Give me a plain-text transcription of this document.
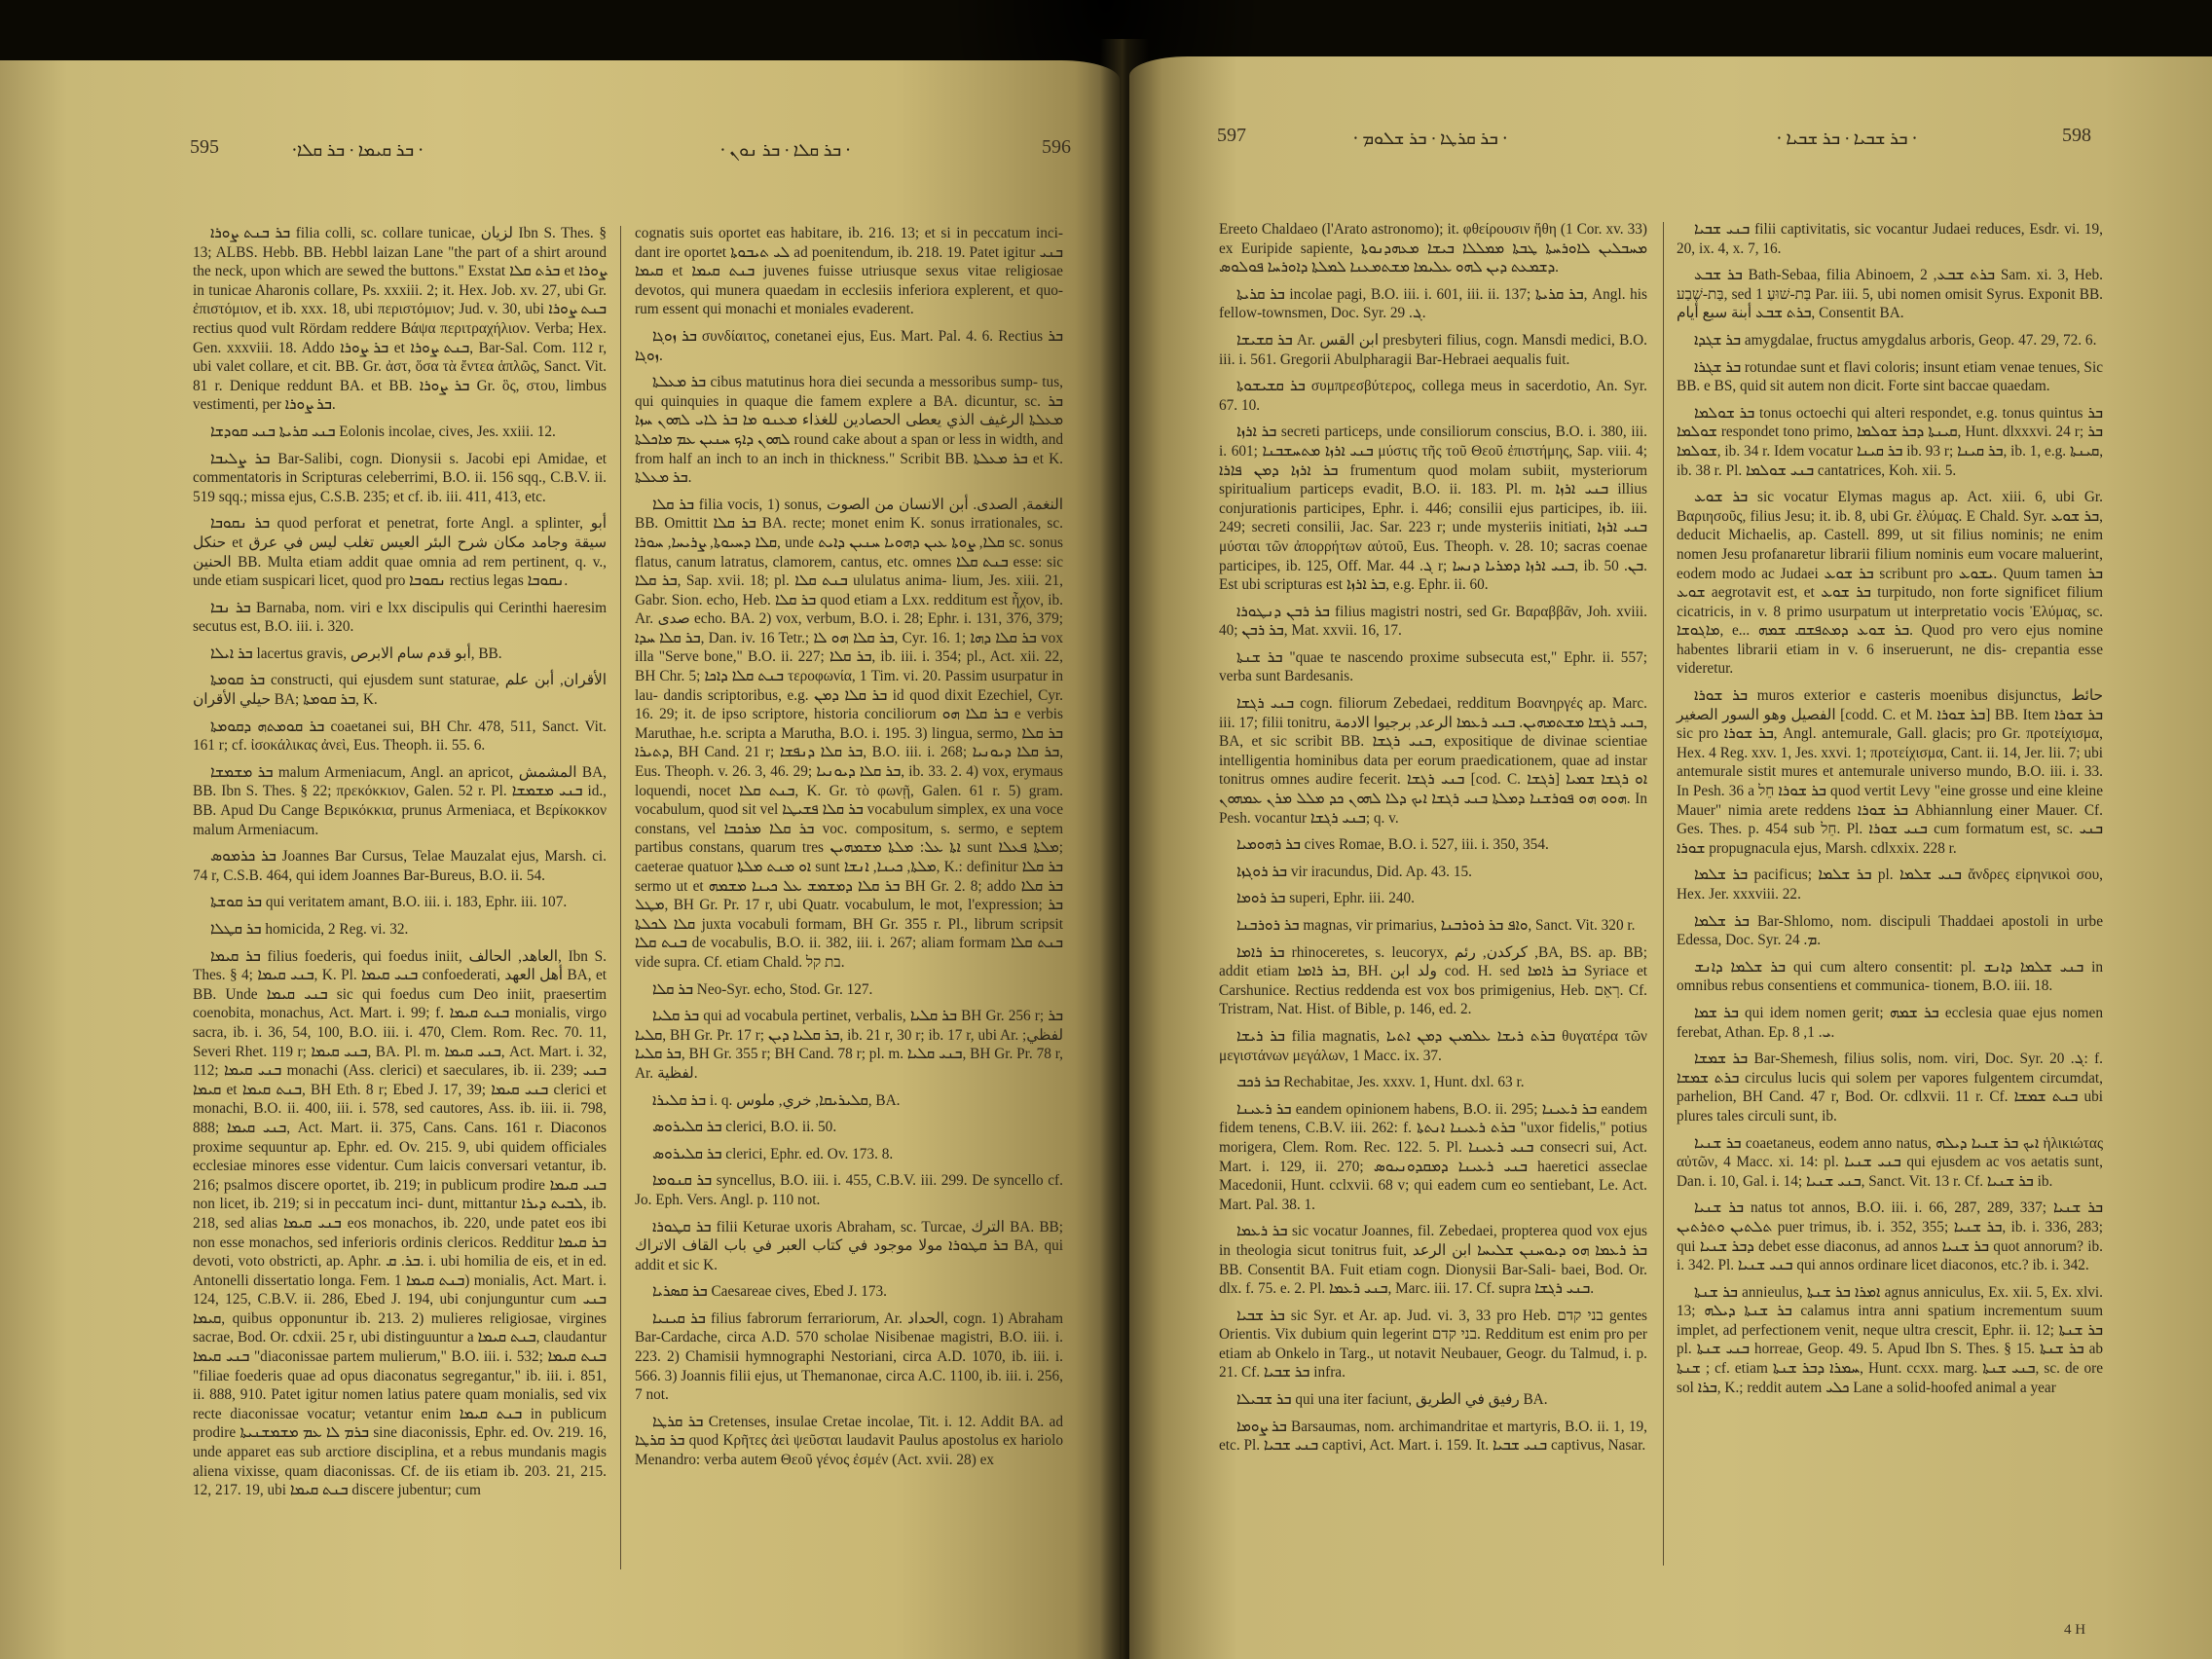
595	⸱ܒܪ ܩܝܡܐ ⸱ ܒܪ ܩܠܐ ⸱	⸱ ܒܪ ܩܠܐ ⸱ ܒܪ ܢܘܢ ⸱	596

ܒܪ ܒܢܬ ܨܘܪܐ filia colli, sc. collare tunicae, لزيان Ibn S. Thes. § 13; ALBS. Hebb. BB. Hebbl laizan Lane "the part of a shirt around the neck, upon which are sewed the buttons." Exstat ܒܪܬ ܩܠܐ et ܨܘܪܐ in tunicae Aharonis collare, Ps. xxxiii. 2; it. Hex. Job. xv. 27, ubi Gr. ἐπιστόμιον, et ib. xxx. 18, ubi περιστόμιον; Jud. v. 30, ubi ܒܢܬ ܨܘܪܐ rectius quod vult Rördam reddere Βάψα περιτραχήλιον. Verba; Hex. Gen. xxxviii. 18. Addo ܒܪ ܨܘܪܐ et ܒܢܬ ܨܘܪܐ, Bar-Sal. Com. 112 r, ubi valet collare, et cit. BB. Gr. ἀστ, ὅσα τὰ ἔντεα ἁπλῶς, Sanct. Vit. 81 r. Denique reddunt BA. et BB. ܒܪ ܨܘܪܐ Gr. ὃς, στου, limbus vestimenti, per ܒܪ ܨܘܪܐ.

ܒܢܝ ܩܪܝܬܐ ܒܢܝ ܩܘܕܫܐ Eolonis incolae, cives, Jes. xxiii. 12.

ܒܪ ܨܠܝܒܐ Bar-Salibi, cogn. Dionysii s. Jacobi epi Amidae, et commentatoris in Scripturas celeberrimi, B.O. ii. 156 sqq., C.B.V. ii. 519 sqq.; missa ejus, C.S.B. 235; et cf. ib. iii. 411, 413, etc.

ܒܪ ܢܩܘܒܐ quod perforat et penetrat, forte Angl. a splinter, أبو حنكل et سيقة وجامد مكان شرح البئر العيس تغلب ليس في عرق الحنين BB. Multa etiam addit quae omnia ad rem pertinent, q. v., unde etiam suspicari licet, quod pro ܢܩܘܒܐ rectius legas ܢܩܘܒܐ.

ܒܪ ܢܒܐ Barnaba, nom. viri e lxx discipulis qui Cerinthi haeresim secutus est, B.O. iii. i. 320.

ܒܪ ܐܝܠܐ lacertus gravis, أبو قدم سام الابرص, BB.

ܒܪ ܩܘܡܬܐ constructi, qui ejusdem sunt staturae, الأقران, أبن علم حيلي الأقران BA; ܒܪ ܩܘܡܬܐ, K.

ܒܪ ܩܘܡܬܗ ܕܩܘܡܬܐ coaetanei sui, BH Chr. 478, 511, Sanct. Vit. 161 r; cf. ἰσοκάλικας ἀνεὶ, Eus. Theoph. ii. 55. 6.

ܒܪ ܡܫܡܫܐ malum Armeniacum, Angl. an apricot, المشمش BA, BB. Ibn S. Thes. § 22; πρεκόκκιον, Galen. 52 r. Pl. ܒܢܝ ܡܫܡܫܐ id., BB. Apud Du Cange Βερικόκκια, prunus Armeniaca, et Βερίκοκκον malum Armeniacum.

ܒܪ ܟܪܡܘܣ Joannes Bar Cursus, Telae Mauzalat ejus, Marsh. ci. 74 r, C.S.B. 464, qui idem Joannes Bar-Bureus, B.O. ii. 54.

ܒܪ ܩܘܫܬܐ qui veritatem amant, B.O. iii. i. 183, Ephr. iii. 107.

ܒܪ ܩܛܠܐ homicida, 2 Reg. vi. 32.

ܒܪ ܩܝܡܐ filius foederis, qui foedus iniit, العاهد, الحالف, Ibn S. Thes. § 4; ܒܢܝ ܩܝܡܐ, K. Pl. ܒܢܝ ܩܝܡܐ confoederati, أهل العهد BA, et BB. Unde ܒܢܝ ܩܝܡܐ sic qui foedus cum Deo iniit, praesertim coenobita, monachus, Act. Mart. i. 99; f. ܒܢܬ ܩܝܡܐ monialis, virgo sacra, ib. i. 36, 54, 100, B.O. iii. i. 470, Clem. Rom. Rec. 70. 11, Severi Rhet. 119 r; ܒܢܝ ܩܝܡܐ, BA. Pl. m. ܒܢܝ ܩܝܡܐ, Act. Mart. i. 32, 112; ܒܢܝ ܩܝܡܐ monachi (Ass. clerici) et saeculares, ib. ii. 239; ܒܢܝ ܩܝܡܐ et ܒܢܬ ܩܝܡܐ, BH Eth. 8 r; Ebed J. 17, 39; ܒܢܝ ܩܝܡܐ clerici et monachi, B.O. ii. 400, iii. i. 578, sed cautores, Ass. ib. iii. ii. 798, 888; ܒܢܝ ܩܝܡܐ, Act. Mart. ii. 375, Cans. Cans. 161 r. Diaconos proxime sequuntur ap. Ephr. ed. Ov. 215. 9, ubi quidem officiales ecclesiae minores esse videntur. Cum laicis conversari vetantur, ib. 216; psalmos discere oportet, ib. 219; in publicum prodire ܒܢܝ ܩܝܡܐ non licet, ib. 219; si in peccatum inci- dunt, mittantur ܠܒܝܬ ܕܝܪܐ, ib. 218, sed alias ܒܢܝ ܩܝܡܐ eos monachos, ib. 220, unde patet eos ibi non esse monachos, sed inferioris ordinis clericos. Redditur ܒܪ ܩܝܡܐ devoti, voto obstricti, ap. Aphr. ܒܪ. ܩ. i. ubi homilia de eis, et in ed. Antonelli dissertatio longa. Fem. ܒܢܬ ܩܝܡܐ 1) monialis, Act. Mart. i. 124, 125, C.B.V. ii. 286, Ebed J. 194, ubi conjunguntur cum ܒܢܝ ܩܝܡܐ, quibus opponuntur ib. 213. 2) mulieres religiosae, virgines sacrae, Bod. Or. cdxii. 25 r, ubi distinguuntur a ܒܢܬ ܩܝܡܐ, claudantur ܒܢܝ ܩܝܡܐ "diaconissae partem mulierum," B.O. iii. i. 532; ܒܢܬ ܩܝܡܐ "filiae foederis quae ad opus diaconatus segregantur," ib. iii. i. 851, ii. 888, 910. Patet igitur nomen latius patere quam monialis, sed vix recte diaconissae vocatur; vetantur enim ܒܢܬ ܩܝܡܐ in publicum prodire ܒܪܡ ܠܐ ܥܡ ܡܫܡܫܢܝܬܐ sine diaconissis, Ephr. ed. Ov. 219. 16, unde apparet eas sub arctiore disciplina, et a rebus mundanis magis aliena vixisse, quam diaconissas. Cf. de iis etiam ib. 203. 21, 215. 12, 217. 19, ubi ܒܢܬ ܩܝܡܐ discere jubentur; cum

cognatis suis oportet eas habitare, ib. 216. 13; et si in peccatum inci- dant ire oportet ܠܝ ܬܝܒܘܬܐ ad poenitendum, ib. 218. 19. Patet igitur ܒܢܝ ܩܝܡܐ et ܒܢܬ ܩܝܡܐ juvenes fuisse utriusque sexus vitae religiosae devotos, qui munera quaedam in ecclesiis inferiora explerent, et quo- rum essent qui monachi et moniales evaderent.

ܒܪ ܙܘܓܐ συνδίαιτος, conetanei ejus, Eus. Mart. Pal. 4. 6. Rectius ܒܪ ܙܘܓܐ.

ܒܪ ܡܥܠܬܐ cibus matutinus hora diei secunda a messoribus sump- tus, qui quinquies in quaque die famem explere a BA. dicuntur, sc. ܒܪ ܡܥܠܬܐ الرغيف الذي يعطى الحصادين للغذاء ܡܥܢܘ ܡܐ ܒܪ ܠܐܝ ܠܗܘܢ ܚܙܐ ܠܗܘܢ ܕܐܟ ܚܢܝܢ ܥܡ ܡܐܟܠܬܐ round cake about a span or less in width, and from half an inch to an inch in thickness." Scribit BB. ܒܪ ܡܥܠܬܐ et K. ܒܪ ܡܥܠܬܐ.

ܒܪ ܩܠܐ filia vocis, 1) sonus, النغمة, الصدى. أبن الانسان من الصوت BB. Omittit ܒܪ ܩܠܐ BA. recte; monet enim K. sonus irrationales, sc. ܩܠܐ ܕܚܝܘܬܐ, ܨܪܝܚܐ, ܚܘܪܐ, unde ܩܠܐ, ܨܘܬܐ ܥܝܢ ܕܗܘܝܐ ܚܢܝܢ ܕܐܝܬ sc. sonus flatus, canum latratus, clamorem, cantus, etc. omnes ܒܢܬ ܩܠܐ esse: sic ܒܪ ܩܠܐ, Sap. xvii. 18; pl. ܒܢܬ ܩܠܐ ululatus anima- lium, Jes. xiii. 21, Gabr. Sion. echo, Heb. ܒܪ ܩܠܐ quod etiam a Lxx. redditum est ἦχον, ib. Ar. صدى echo. BA. 2) vox, verbum, B.O. i. 28; Ephr. i. 131, 376, 379; ܒܪ ܩܠܐ ܚܕܐ, Dan. iv. 16 Tetr.; ܒܪ ܩܠܐ ܗܘ ܠܐ, Cyr. 16. 1; ܒܪ ܩܠܐ ܕܗܐ vox illa "Serve bone," B.O. ii. 227; ܒܪ ܩܠܐ, ib. iii. i. 354; pl., Act. xii. 22, BH Chr. 5; ܒܢܬ ܩܠܐ ܕܐܟܐ τεροφωνία, 1 Tim. vi. 20. Passim usurpatur in lau- dandis scriptoribus, e.g. ܒܪ ܩܠܐ ܕܡܢ id quod dixit Ezechiel, Cyr. 16. 29; it. de ipso scriptore, historia conciliorum ܒܪ ܩܠܐ ܗܘ e verbis Maruthae, h.e. scripta a Marutha, B.O. i. 195. 3) lingua, sermo, ܒܪ ܩܠܐ ܕܬܝܪܐ, BH Cand. 21 r; ܒܪ ܩܠܐ ܕܢܦܫܐ, B.O. iii. i. 268; ܒܪ ܩܠܐ ܕܝܘܢܝܐ, Eus. Theoph. v. 26. 3, 46. 29; ܒܪ ܩܠܐ ܕܝܘܢܝܐ, ib. 33. 2. 4) vox, erymaus loquendi, nocet ܒܢܬ ܩܠܐ, K. Gr. τὸ φωνῇ, Galen. 61 r. 5) gram. vocabulum, quod sit vel ܒܪ ܩܠܐ ܦܫܝܛܐ vocabulum simplex, ex una voce constans, vel ܒܪ ܩܠܐ ܡܪܟܒܐ voc. compositum, s. sermo, e septem partibus constans, quarum tres ܐܬܐ ܥܠ: ܡܠܬܐ ܡܫܡܗܝܢ sunt ܡܠܬܐ ܦܥܠܐ; caeterae quatuor ܐܘ ܡܢܬ ܡܠܬܐ sunt ܡܠܬܐ, ܟܝܢܐ, ܐܢܫܐ, K.: definitur ܒܪ ܩܠܐ sermo ut et ܒܪ ܩܠܐ ܕܡܫܡܫ ܥܠ ܟܝܢܐ ܡܫܡܗ BH Gr. 2. 8; addo ܒܪ ܩܠܐ ܡܛܠ, BH Gr. Pr. 17 r, ubi Quatr. vocabulum, le mot, l'expression; ܒܪ ܩܠܐ ܠܟܠܬܐ juxta vocabuli formam, BH Gr. 355 r. Pl., librum scripsit ܒܢܬ ܩܠܐ de vocabulis, B.O. ii. 382, iii. i. 267; aliam formam ܒܢܬ ܩܠܐ vide supra. Cf. etiam Chald. בת קל.

ܒܪ ܩܠܐ Neo-Syr. echo, Stod. Gr. 127.

ܒܪ ܩܠܝܐ qui ad vocabula pertinet, verbalis, ܒܪ ܩܠܝܐ BH Gr. 256 r; ܒܪ ܩܠܝܐ, BH Gr. Pr. 17 r; ܒܪ ܩܠܝܐ ܕܝܢ, ib. 21 r, 30 r; ib. 17 r, ubi Ar. لفظي; ܒܪ ܩܠܝܐ, BH Gr. 355 r; BH Cand. 78 r; pl. m. ܒܢܝ ܩܠܝܐ, BH Gr. Pr. 78 r, Ar. لفظية.

ܒܪ ܩܠܝܪܐ i. q. ܩܠܝܪܝܩܐ, خري, ملوس, BA.

ܒܪ ܩܠܝܪܘܣ clerici, B.O. ii. 50.

ܒܪ ܩܠܝܪܘܣ clerici, Ephr. ed. Ov. 173. 8.

ܒܪ ܩܢܘܡܐ syncellus, B.O. iii. i. 455, C.B.V. iii. 299. De syncello cf. Jo. Eph. Vers. Angl. p. 110 not.

ܒܪ ܩܛܘܪܐ filii Keturae uxoris Abraham, sc. Turcae, الترك BA. BB; ܒܪ ܩܛܘܪܐ مولا موجود في كتاب العبر في باب القاف الاتراك BA, qui addit et sic K.

ܒܪ ܩܣܪܝܐ Caesareae cives, Ebed J. 173.

ܒܪ ܩܝܢܝܐ filius fabrorum ferrariorum, Ar. الحداد, cogn. 1) Abraham Bar-Cardache, circa A.D. 570 scholae Nisibenae magistri, B.O. iii. i. 223. 2) Chamisii hymnographi Nestoriani, circa A.D. 1070, ib. iii. i. 566. 3) Joannis filii ejus, ut Themanonae, circa A.C. 1100, ib. iii. i. 256, 7 not.

ܒܪ ܩܪܛܐ Cretenses, insulae Cretae incolae, Tit. i. 12. Addit BA. ad ܒܪ ܩܪܛܐ quod Κρῆτες ἀεὶ ψεῦσται laudavit Paulus apostolus ex hariolo Menandro: verba autem Θεοῦ γένος ἐσμέν (Act. xvii. 28) ex

597	⸱ ܒܪ ܩܪܛܐ ⸱ ܒܪ ܫܠܘܡ ⸱	⸱ ܒܪ ܫܒܝܐ ⸱ ܒܪ ܫܒܝܐ ⸱	598

Ereeto Chaldaeo (l'Arato astronomo); it. φθείρουσιν ἤθη (1 Cor. xv. 33) ex Euripide sapiente, ܡܚܒܠܝܢ ܠܐܘܪܚܬܐ ܛܒܬܐ ܡܡܠܠܐ ܒܝܫܐ ܡܥܗܕܢܘܬܐ ܕܫܡܥܬ ܕܝܢ ܠܗܘ ܥܠܝܡܐ ܡܫܬܡܥܢܐ ܠܡܠܬܐ ܕܐܘܪܚܐ ܦܘܠܘܣ.

ܒܪ ܩܪܝܬܐ incolae pagi, B.O. iii. i. 601, iii. ii. 137; ܒܪ ܩܪܝܬܐ, Angl. his fellow-townsmen, Doc. Syr. ܓ. 29.

ܒܪ ܩܫܝܫܐ Ar. ابن القس presbyteri filius, cogn. Mansdi medici, B.O. iii. i. 561. Gregorii Abulpharagii Bar-Hebraei aequalis fuit.

ܒܪ ܩܫܝܫܘܬܐ συμπρεσβύτερος, collega meus in sacerdotio, An. Syr. 67. 10.

ܒܪ ܐܪܙܐ secreti particeps, unde consiliorum conscius, B.O. i. 380, iii. i. 601; ܒܢܝ ܐܪܙܐ ܡܬܚܫܒܢܐ μύστις τῆς τοῦ Θεοῦ ἐπιστήμης, Sap. viii. 4; ܒܪ ܐܪܙܐ ܕܡܢ ܦܐܪܐ frumentum quod molam subiit, mysteriorum spiritualium particeps evadit, B.O. ii. 183. Pl. m. ܒܢܝ ܐܪܙܐ illius conjurationis participes, Ephr. i. 446; consilii ejus participes, ib. iii. 249; secreti consilii, Jac. Sar. 223 r; unde mysteriis initiati, ܒܢܝ ܐܪܙܐ μύσται τῶν ἀπορρήτων αὐτοῦ, Eus. Theoph. v. 28. 10; sacras coenae participes, ib. 125, Off. Mar. ܓ. 44 r; ܒܢܝ ܐܪܙܐ ܕܡܪܝܐ ܕܢܚܐ, ib. ܒܢ. 50. Est ubi scripturas est ܒܪ ܐܪܙܐ, e.g. Ephr. ii. 60.

ܒܪ ܪܒܢ ܕܢܛܘܪܐ filius magistri nostri, sed Gr. Βαραββᾶν, Joh. xviii. 40; ܒܪ ܪܒܢ, Mat. xxvii. 16, 17.

ܒܪ ܫܢܬܐ "quae te nascendo proxime subsecuta est," Ephr. ii. 557; verba sunt Bardesanis.

ܒܢܝ ܪܓܫܐ cogn. filiorum Zebedaei, redditum Βοανηργές ap. Marc. iii. 17; filii tonitru, ܒܢܝ ܪܓܫܐ ܡܫܬܡܗܝܢ. ܒܢܝ ܪܥܡܐ الرعد, برجيوا الادمة, BA, et sic scribit BB. ܒܢܝ ܪܓܫܐ, expositique de divinae scientiae intelligentia hominibus data per eorum praedicationem, quae ad instar tonitrus omnes audire fecerit. ܒܢܝ ܪܓܫܐ [cod. C. ܪܓܫܐ] ܐܘ ܪܓܫܐ ܫܡܝܐ ܗܘܘ ܗܘ ܦܘܪܫܢܐ ܕܡܠܬܐ ܒܢܝ ܪܓܫܐ ܐܝܟ ܕܠܐ ܠܗܘܢ ܟܕ ܡܠܠ ܡܪܢ ܥܡܗܘܢ. In Pesh. vocantur ܒܢܝ ܪܓܫܐ; q. v.

ܒܪ ܪܗܘܡܝܐ cives Romae, B.O. i. 527, iii. i. 350, 354.

ܒܪ ܪܘܓܙܐ vir iracundus, Did. Ap. 43. 15.

ܒܪ ܪܘܡܐ superi, Ephr. iii. 240.

ܒܪ ܪܘܪܒܢܐ magnas, vir primarius, ܘܐܦ ܒܪ ܪܘܪܒܢܐ, Sanct. Vit. 320 r.

ܒܪ ܪܐܡܐ rhinoceretes, s. leucoryx, كركدن, رئم ,BA, BS. ap. BB; addit etiam ܒܪ ܪܐܡܐ, BH. ولد ابن cod. H. sed ܒܪ ܪܐܡܐ Syriace et Carshunice. Rectius reddenda est vox bos primigenius, Heb. רְאֵם. Cf. Tristram, Nat. Hist. of Bible, p. 146, ed. 2.

ܒܪ ܪܝܫܐ filia magnatis, ܒܪܬ ܪܝܫܐ ܥܠܡܝܢ ܕܡܢ ܐܬܝܐ θυγατέρα τῶν μεγιστάνων μεγάλων, 1 Macc. ix. 37.

ܒܪ ܪܟܒ Rechabitae, Jes. xxxv. 1, Hunt. dxl. 63 r.

ܒܪ ܪܥܝܢܐ eandem opinionem habens, B.O. ii. 295; ܒܪ ܪܥܝܢܐ eandem fidem tenens, C.B.V. iii. 262: f. ܒܪܬ ܪܥܝܢܐ ܐܢܬܬܐ "uxor fidelis," potius morigera, Clem. Rom. Rec. 122. 5. Pl. ܒܢܝ ܪܥܝܢܐ consecri sui, Act. Mart. i. 129, ii. 270; ܒܢܝ ܪܥܝܢܐ ܕܡܩܕܘܢܝܘܣ haeretici asseclae Macedonii, Hunt. cclxvii. 68 v; qui eadem cum eo sentiebant, Le. Act. Mart. Pal. 38. 1.

ܒܪ ܪܥܡܐ sic vocatur Joannes, fil. Zebedaei, propterea quod vox ejus in theologia sicut tonitrus fuit, ܒܪ ܪܥܡܐ ܗܘ ܕܝܘܚܢܢ ܫܠܝܚܐ ابن الرعد BB. Consentit BA. Fuit etiam cogn. Dionysii Bar-Sali- baei, Bod. Or. dlx. f. 75. e. 2. Pl. ܒܢܝ ܪܥܡܐ, Marc. iii. 17. Cf. supra ܒܢܝ ܪܓܫܐ.

ܒܪ ܫܒܝܐ sic Syr. et Ar. ap. Jud. vi. 3, 33 pro Heb. בני קדם gentes Orientis. Vix dubium quin legerint בני קדם. Redditum est enim pro per etiam ab Onkelo in Targ., ut notavit Neubauer, Geogr. du Talmud, i. p. 21. Cf. ܒܪ ܫܒܝܐ infra.

ܒܪ ܫܒܝܠܐ qui una iter faciunt, رفيق في الطريق BA.

ܒܪ ܨܘܡܐ Barsaumas, nom. archimandritae et martyris, B.O. ii. 1, 19, etc. Pl. ܒܢܝ ܫܒܝܐ captivi, Act. Mart. i. 159. It. ܒܢܝ ܫܒܝܐ captivus, Nasar.

ܒܢܝ ܫܒܝܐ filii captivitatis, sic vocantur Judaei reduces, Esdr. vi. 19, 20, ix. 4, x. 7, 16.

ܒܪ ܫܒܥ Bath-Sebaa, filia Abinoem, ܒܪܬ ܫܒܥ, 2 Sam. xi. 3, Heb. בַּת-שֶׁבַע, sed בַּת-שׁוּעַ 1 Par. iii. 5, ubi nomen omisit Syrus. Exponit BB. ܒܪܬ ܫܒܥ أبنة سبع أيام, Consentit BA.

ܒܪ ܫܓܕܐ amygdalae, fructus amygdalus arboris, Geop. 47. 29, 72. 6.

ܒܪ ܫܓܪܐ rotundae sunt et flavi coloris; insunt etiam venae tenues, Sic BB. e BS, quid sit autem non dicit. Forte sint baccae quaedam.

ܒܪ ܫܘܠܡܐ tonus octoechi qui alteri respondet, e.g. tonus quintus ܒܪ ܫܘܠܡܐ respondet tono primo, ܩܝܢܬܐ ܕܒܪ ܫܘܠܡܐ, Hunt. dlxxxvi. 24 r; ܒܪ ܫܘܠܡܐ, ib. 34 r. Idem vocatur ܒܪ ܩܝܢܐ ib. 93 r; ܒܪ ܩܝܢܐ, ib. 1, e.g. ܩܝܢܬܐ, ib. 38 r. Pl. ܒܢܝ ܫܘܠܡܐ cantatrices, Koh. xii. 5.

ܒܪ ܫܘܥ sic vocatur Elymas magus ap. Act. xiii. 6, ubi Gr. Βαριησοῦς, filius Jesu; it. ib. 8, ubi Gr. ἐλύμας. E Chald. Syr. ܒܪ ܫܘܥ, deducit Michaelis, ap. Castell. 899, ut sit filius nominis; ne enim nomen Jesu profanaretur librarii filium nominis eum vocare maluerint, eodem modo ac Judaei ܒܪ ܫܘܥ scribunt pro ܝܫܘܥ. Quum tamen ܒܪ ܫܘܥ aegrotavit est, et ܒܪ ܫܘܥ turpitudo, non forte significet filium cicatricis, in v. 8 primo usurpatum ut interpretatio vocis Ἐλύμας, sc. ܡܐܓܘܫܐ, e... ܒܪ ܫܘܥ ܕܡܬܦܫܩ ܫܡܗ. Quod pro vero ejus nomine habentes librarii etiam in v. 6 inseruerunt, ne dis- crepantia esse videretur.

ܒܪ ܫܘܪܐ muros exterior e casteris moenibus disjunctus, حائط الفصيل وهو السور الصغير [codd. C. et M. ܒܪ ܫܘܪܐ] BB. Item ܒܪ ܫܘܪܐ sic pro ܒܪ ܫܘܪܐ, Angl. antemurale, Gall. glacis; pro Gr. προτείχισμα, Hex. 4 Reg. xxv. 1, Jes. xxvi. 1; προτείχισμα, Cant. ii. 14, Jer. lii. 7; ubi antemurale sistit mures et antemurale universo mundo, B.O. iii. i. 33. In Pesh. 36 a ܒܪ ܫܘܪܐ חֵל quod vertit Levy "eine grosse und eine kleine Mauer" nimia arete reddens ܒܪ ܫܘܪܐ Abhiannlung einer Mauer. Cf. Ges. Thes. p. 454 sub חֵל. Pl. ܒܢܝ ܫܘܪܐ cum formatum est, sc. ܒܢܝ ܫܘܪܐ propugnacula ejus, Marsh. cdlxxix. 228 r.

ܒܪ ܫܠܡܐ pacificus; ܒܪ ܫܠܡܐ pl. ܒܢܝ ܫܠܡܐ ἄνδρες εἰρηνικοὶ σου, Hex. Jer. xxxviii. 22.

ܒܪ ܫܠܡܐ Bar-Shlomo, nom. discipuli Thaddaei apostoli in urbe Edessa, Doc. Syr. ܡ. 24.

ܒܪ ܫܠܡܐ ܕܐܢܫ qui cum altero consentit: pl. ܒܢܝ ܫܠܡܐ ܕܐܢܫ in omnibus rebus consentiens et communica- tionem, B.O. iii. 18.

ܒܪ ܫܡܐ qui idem nomen gerit; ܒܪ ܫܡܗ ecclesia quae ejus nomen ferebat, Athan. Ep. ܝ. 1, 8.

ܒܪ ܫܡܫܐ Bar-Shemesh, filius solis, nom. viri, Doc. Syr. ܓ. 20: f. ܒܪܬ ܫܡܫܐ circulus lucis qui solem per vapores fulgentem circumdat, parhelion, BH Cand. 47 r, Bod. Or. cdlxvii. 11 r. Cf. ܒܢܬ ܫܡܫܐ ubi plures tales circuli sunt, ib.

ܒܪ ܫܢܝܐ coaetaneus, eodem anno natus, ܐܝܟ ܒܪ ܫܢܝܐ ܕܝܠܗ ἡλικιώτας αὐτῶν, 4 Macc. xi. 14: pl. ܒܢܝ ܫܢܝܐ qui ejusdem ac vos aetatis sunt, Dan. i. 10, Gal. i. 14; ܒܢܝ ܫܢܝܐ, Sanct. Vit. 13 r. Cf. ܒܪ ܫܢܝܐ ib.

ܒܪ ܫܢܝܐ natus tot annos, B.O. iii. i. 66, 287, 289, 337; ܒܪ ܫܢܝܐ ܬܠܬܝܢ ܘܬܪܬܝܢ puer trimus, ib. i. 352, 355; ܒܪ ܫܢܝܐ, ib. i. 336, 283; qui ܕܒܪ ܫܢܝܐ debet esse diaconus, ad annos ܒܪ ܫܢܝܐ quot annorum? ib. i. 342. Pl. ܒܢܝ ܫܢܝܐ qui annos ordinare licet diaconos, etc.? ib. i. 342.

ܒܪ ܫܢܬܐ annieulus, ܐܡܪܐ ܒܪ ܫܢܬܐ agnus anniculus, Ex. xii. 5, Ex. xlvi. 13; ܒܪ ܫܢܬܐ ܕܝܠܗ calamus intra anni spatium incrementum suum implet, ad perfectionem venit, neque ultra crescit, Ephr. ii. 12; ܒܪ ܫܢܬܐ pl. ܒܢܝ ܫܢܬܐ horreae, Geop. 49. 5. Apud Ibn S. Thes. § 15. ܒܪ ܫܢܬܐ ab ܫܢܬܐ ; cf. etiam ܚܡܪܐ ܕܒܪ ܫܢܬܐ, Hunt. ccxx. marg. ܒܢܝ ܫܢܬܐ, sc. de ore sol ܒܪܐ, K.; reddit autem ܟܠܝ Lane a solid-hoofed animal a year

4 H
